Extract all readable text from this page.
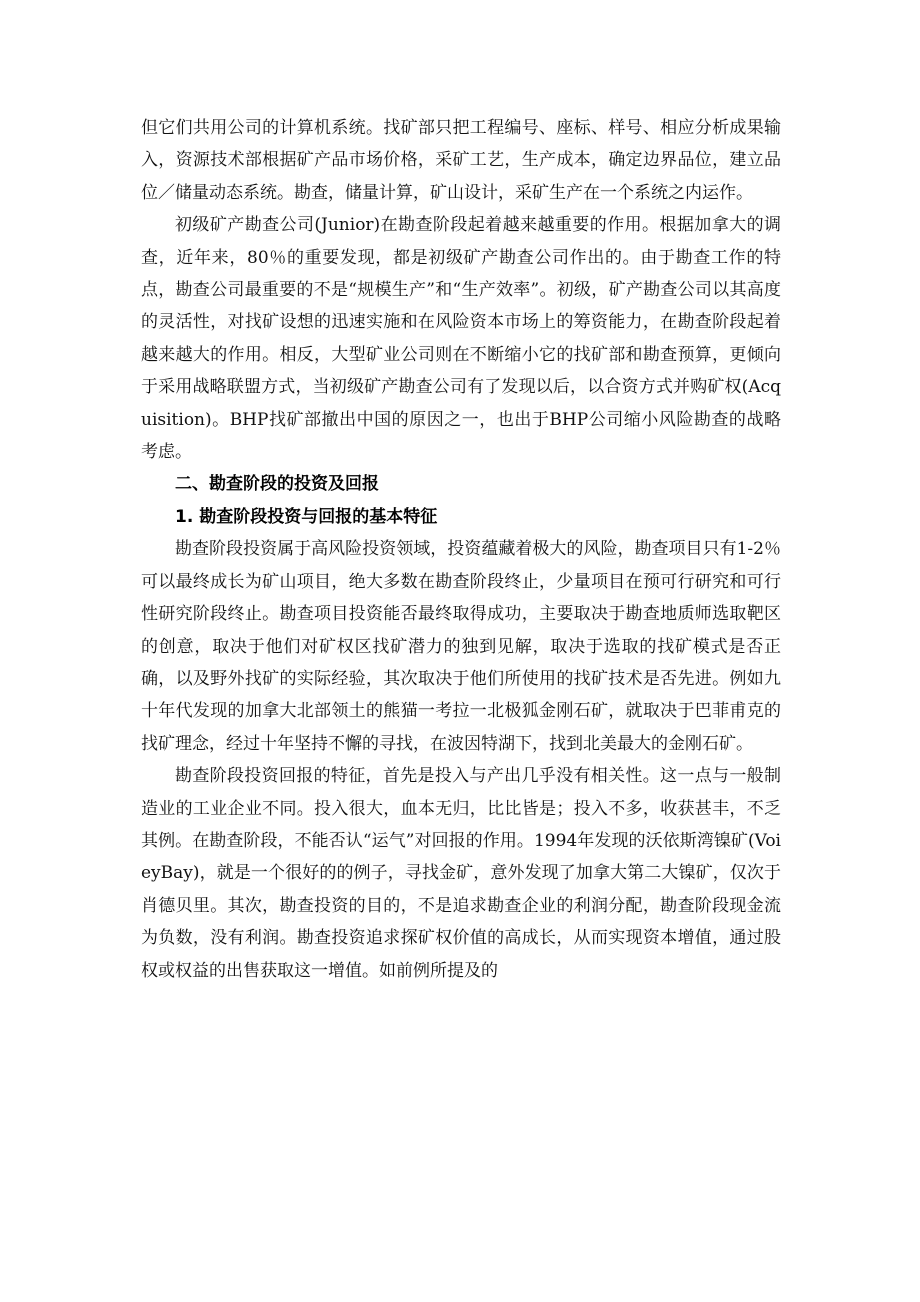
但它们共用公司的计算机系统。找矿部只把工程编号、座标、样号、相应分析成果输入，资源技术部根据矿产品市场价格，采矿工艺，生产成本，确定边界品位，建立品位／储量动态系统。勘查，储量计算，矿山设计，采矿生产在一个系统之内运作。

初级矿产勘查公司(Junior)在勘查阶段起着越来越重要的作用。根据加拿大的调查，近年来，80％的重要发现，都是初级矿产勘查公司作出的。由于勘查工作的特点，勘查公司最重要的不是“规模生产”和“生产效率”。初级，矿产勘查公司以其高度的灵活性，对找矿设想的迅速实施和在风险资本市场上的筹资能力，在勘查阶段起着越来越大的作用。相反，大型矿业公司则在不断缩小它的找矿部和勘查预算，更倾向于采用战略联盟方式，当初级矿产勘查公司有了发现以后，以合资方式并购矿权(Acquisition)。BHP找矿部撤出中国的原因之一，也出于BHP公司缩小风险勘查的战略考虑。

二、勘查阶段的投资及回报
1. 勘查阶段投资与回报的基本特征

勘查阶段投资属于高风险投资领域，投资蕴藏着极大的风险，勘查项目只有1-2％可以最终成长为矿山项目，绝大多数在勘查阶段终止，少量项目在预可行研究和可行性研究阶段终止。勘查项目投资能否最终取得成功，主要取决于勘查地质师选取靶区的创意，取决于他们对矿权区找矿潜力的独到见解，取决于选取的找矿模式是否正确，以及野外找矿的实际经验，其次取决于他们所使用的找矿技术是否先进。例如九十年代发现的加拿大北部领土的熊猫一考拉一北极狐金刚石矿，就取决于巴菲甫克的找矿理念，经过十年坚持不懈的寻找，在波因特湖下，找到北美最大的金刚石矿。

勘查阶段投资回报的特征，首先是投入与产出几乎没有相关性。这一点与一般制造业的工业企业不同。投入很大，血本无归，比比皆是；投入不多，收获甚丰，不乏其例。在勘查阶段，不能否认“运气”对回报的作用。1994年发现的沃依斯湾镍矿(VoieyBay)，就是一个很好的的例子，寻找金矿，意外发现了加拿大第二大镍矿，仅次于肖德贝里。其次，勘查投资的目的，不是追求勘查企业的利润分配，勘查阶段现金流为负数，没有利润。勘查投资追求探矿权价值的高成长，从而实现资本增值，通过股权或权益的出售获取这一增值。如前例所提及的
